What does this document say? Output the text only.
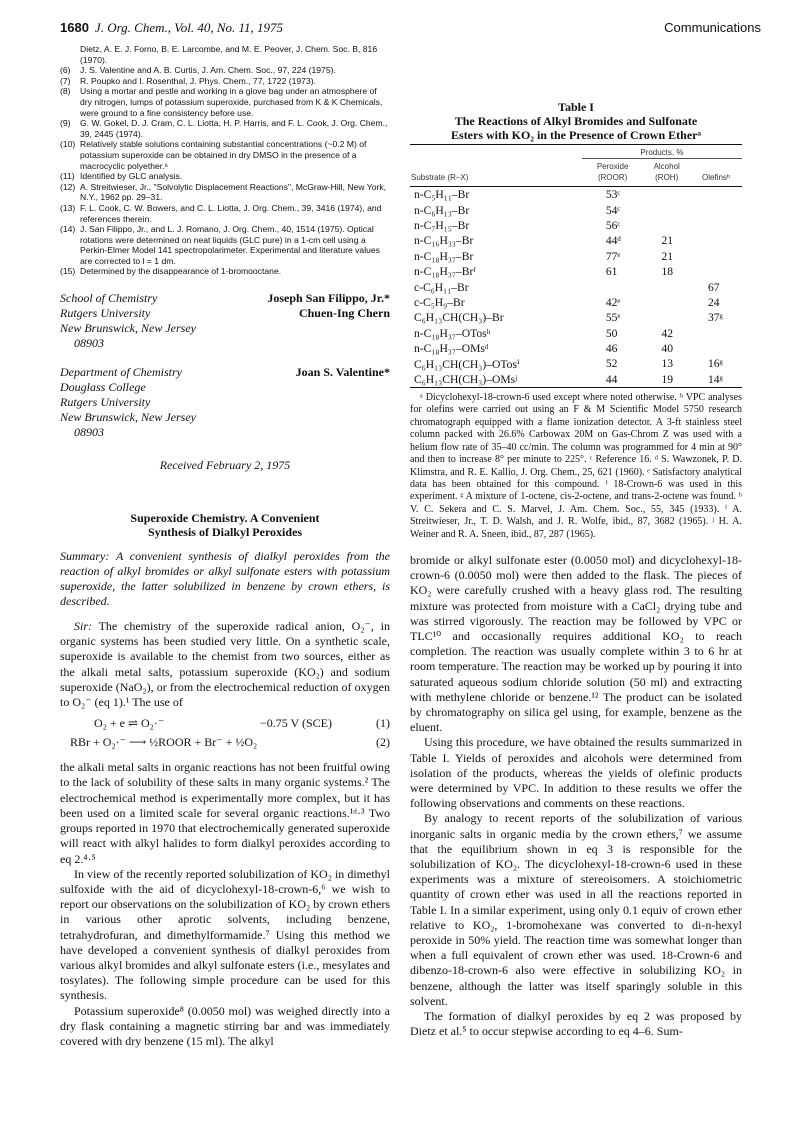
1680 J. Org. Chem., Vol. 40, No. 11, 1975	Communications
Dietz, A. E. J. Forno, B. E. Larcombe, and M. E. Peover, J. Chem. Soc. B, 816 (1970).
(6) J. S. Valentine and A. B. Curtis, J. Am. Chem. Soc., 97, 224 (1975).
(7) R. Poupko and I. Rosenthal, J. Phys. Chem., 77, 1722 (1973).
(8) Using a mortar and pestle and working in a glove bag under an atmosphere of dry nitrogen, lumps of potassium superoxide, purchased from K & K Chemicals, were ground to a fine consistency before use.
(9) G. W. Gokel, D. J. Cram, C. L. Liotta, H. P. Harris, and F. L. Cook, J. Org. Chem., 39, 2445 (1974).
(10) Relatively stable solutions containing substantial concentrations (~0.2 M) of potassium superoxide can be obtained in dry DMSO in the presence of a macrocyclic polyether.⁶
(11) Identified by GLC analysis.
(12) A. Streitwieser, Jr., "Solvolytic Displacement Reactions", McGraw-Hill, New York, N.Y., 1962 pp. 29–31.
(13) F. L. Cook, C. W. Bowers, and C. L. Liotta, J. Org. Chem., 39, 3416 (1974), and references therein.
(14) J. San Filippo, Jr., and L. J. Romano, J. Org. Chem., 40, 1514 (1975). Optical rotations were determined on neat liquids (GLC pure) in a 1-cm cell using a Perkin-Elmer Model 141 spectropolarimeter. Experimental and literature values are corrected to l = 1 dm.
(15) Determined by the disappearance of 1-bromooctane.
School of Chemistry
Rutgers University
New Brunswick, New Jersey
08903
Joseph San Filippo, Jr.*
Chuen-Ing Chern
Department of Chemistry
Douglass College
Rutgers University
New Brunswick, New Jersey
08903
Joan S. Valentine*
Received February 2, 1975
Superoxide Chemistry. A Convenient
Synthesis of Dialkyl Peroxides
Summary: A convenient synthesis of dialkyl peroxides from the reaction of alkyl bromides or alkyl sulfonate esters with potassium superoxide, the latter solubilized in benzene by crown ethers, is described.

Sir: The chemistry of the superoxide radical anion, O₂⁻, in organic systems has been studied very little. On a synthetic scale, superoxide is available to the chemist from two sources, either as the alkali metal salts, potassium superoxide (KO₂) and sodium superoxide (NaO₂), or from the electrochemical reduction of oxygen to O₂⁻ (eq 1).¹ The use of

O₂ + e ⇌ O₂·⁻	−0.75 V (SCE)	(1)
RBr + O₂·⁻ ⟶ ½ROOR + Br⁻ + ½O₂	(2)

the alkali metal salts in organic reactions has not been fruitful owing to the lack of solubility of these salts in many organic systems.² The electrochemical method is experimentally more complex, but it has been used on a limited scale for several organic reactions.¹ᵈ·³ Two groups reported in 1970 that electrochemically generated superoxide will react with alkyl halides to form dialkyl peroxides according to eq 2.⁴·⁵

In view of the recently reported solubilization of KO₂ in dimethyl sulfoxide with the aid of dicyclohexyl-18-crown-6,⁶ we wish to report our observations on the solubilization of KO₂ by crown ethers in various other aprotic solvents, including benzene, tetrahydrofuran, and dimethylformamide.⁷ Using this method we have developed a convenient synthesis of dialkyl peroxides from various alkyl bromides and alkyl sulfonate esters (i.e., mesylates and tosylates). The following simple procedure can be used for this synthesis.

Potassium superoxide⁸ (0.0050 mol) was weighed directly into a dry flask containing a magnetic stirring bar and was immediately covered with dry benzene (15 ml). The alkyl

Table I
The Reactions of Alkyl Bromides and Sulfonate
Esters with KO₂ in the Presence of Crown Etherᵃ
	Products, %		
	Peroxide	Alcohol	
Substrate (R–X)	(ROOR)	(ROH)	Olefinsᵇ
n-C₅H₁₁–Br	53ᶜ		
n-C₆H₁₃–Br	54ᶜ		
n-C₇H₁₅–Br	56ᶜ		
n-C₁₆H₃₃–Br	44ᵈ	21	
n-C₁₈H₃₇–Br	77ᵉ	21	
n-C₁₈H₃₇–Brᶠ	61	18	
c-C₆H₁₁–Br			67
c-C₅H₉–Br	42ᵉ		24
C₆H₁₃CH(CH₃)–Br	55ᵉ		37ᵍ
n-C₁₈H₃₇–OTosʰ	50	42	
n-C₁₈H₃₇–OMsᵈ	46	40	
C₆H₁₃CH(CH₃)–OTosⁱ	52	13	16ᵍ
C₆H₁₃CH(CH₃)–OMsʲ	44	19	14ᵍ

ᵃ Dicyclohexyl-18-crown-6 used except where noted otherwise. ᵇ VPC analyses for olefins were carried out using an F & M Scientific Model 5750 research chromatograph equipped with a flame ionization detector. A 3-ft stainless steel column packed with 26.6% Carbowax 20M on Gas-Chrom Z was used with a helium flow rate of 35–40 cc/min. The column was programmed for 4 min at 90° and then to increase 8° per minute to 225°. ᶜ Reference 16. ᵈ S. Wawzonek, P. D. Klimstra, and R. E. Kallio, J. Org. Chem., 25, 621 (1960). ᵉ Satisfactory analytical data has been obtained for this compound. ᶠ 18-Crown-6 was used in this experiment. ᵍ A mixture of 1-octene, cis-2-octene, and trans-2-octene was found. ʰ V. C. Sekera and C. S. Marvel, J. Am. Chem. Soc., 55, 345 (1933). ⁱ A. Streitwieser, Jr., T. D. Walsh, and J. R. Wolfe, ibid., 87, 3682 (1965). ʲ H. A. Weiner and R. A. Sneen, ibid., 87, 287 (1965).

bromide or alkyl sulfonate ester (0.0050 mol) and dicyclohexyl-18-crown-6 (0.0050 mol) were then added to the flask. The pieces of KO₂ were carefully crushed with a heavy glass rod. The resulting mixture was protected from moisture with a CaCl₂ drying tube and was stirred vigorously. The reaction may be followed by VPC or TLC¹⁰ and occasionally requires additional KO₂ to reach completion. The reaction was usually complete within 3 to 6 hr at room temperature. The reaction may be worked up by pouring it into saturated aqueous sodium chloride solution (50 ml) and extracting with methylene chloride or benzene.¹² The product can be isolated by chromatography on silica gel using, for example, benzene as the eluent.

Using this procedure, we have obtained the results summarized in Table I. Yields of peroxides and alcohols were determined from isolation of the products, whereas the yields of olefinic products were determined by VPC. In addition to these results we offer the following observations and comments on these reactions.

By analogy to recent reports of the solubilization of various inorganic salts in organic media by the crown ethers,⁷ we assume that the equilibrium shown in eq 3 is responsible for the solubilization of KO₂. The dicyclohexyl-18-crown-6 used in these experiments was a mixture of stereoisomers. A stoichiometric quantity of crown ether was used in all the reactions reported in Table I. In a similar experiment, using only 0.1 equiv of crown ether relative to KO₂, 1-bromohexane was converted to di-n-hexyl peroxide in 50% yield. The reaction time was somewhat longer than when a full equivalent of crown ether was used. 18-Crown-6 and dibenzo-18-crown-6 also were effective in solubilizing KO₂ in benzene, although the latter was itself sparingly soluble in this solvent.

The formation of dialkyl peroxides by eq 2 was proposed by Dietz et al.⁵ to occur stepwise according to eq 4–6. Sum-
